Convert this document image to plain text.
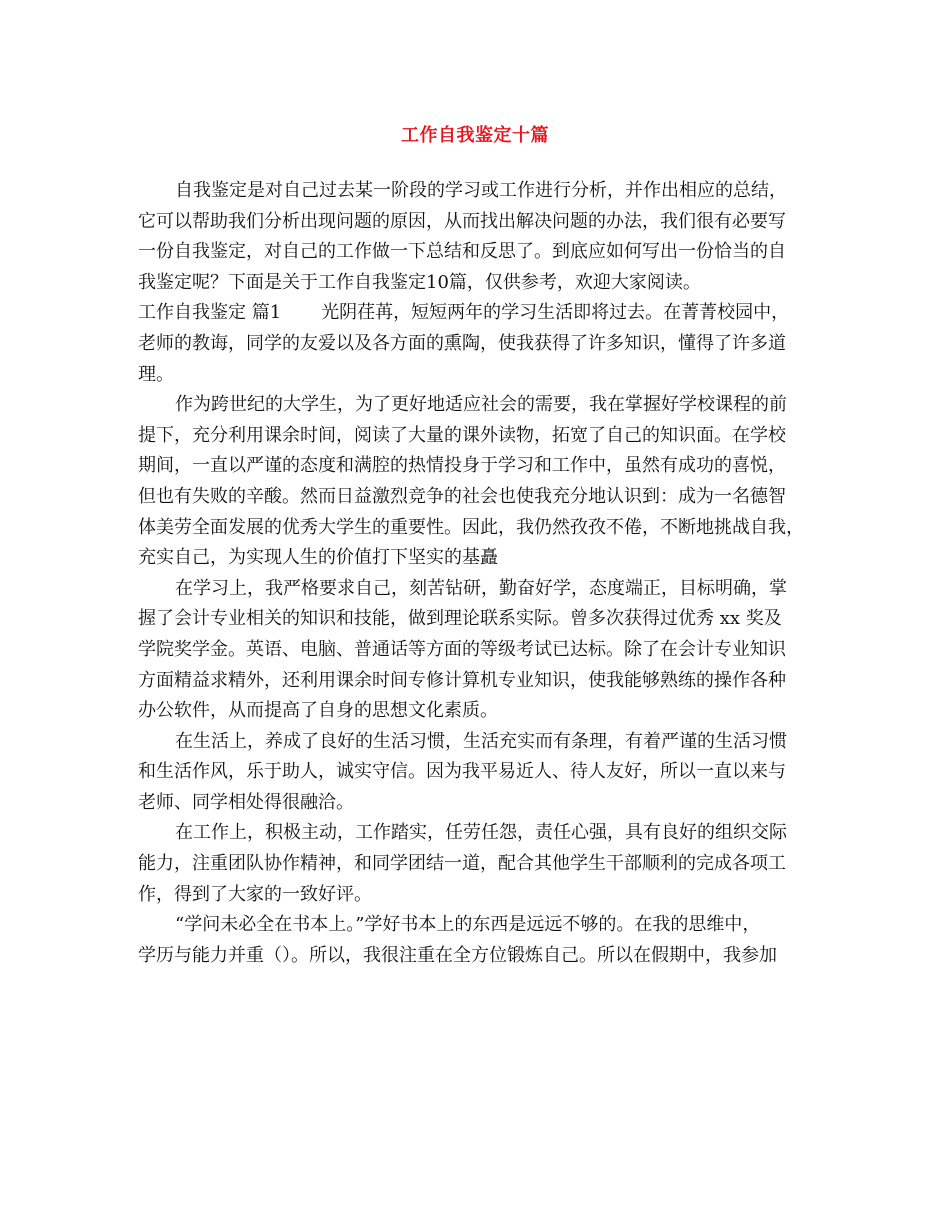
工作自我鉴定十篇
自我鉴定是对自己过去某一阶段的学习或工作进行分析，并作出相应的总结，
它可以帮助我们分析出现问题的原因，从而找出解决问题的办法，我们很有必要写
一份自我鉴定，对自己的工作做一下总结和反思了。到底应如何写出一份恰当的自
我鉴定呢？下面是关于工作自我鉴定10篇，仅供参考，欢迎大家阅读。
工作自我鉴定 篇1 光阴荏苒，短短两年的学习生活即将过去。在菁菁校园中，
老师的教诲，同学的友爱以及各方面的熏陶，使我获得了许多知识，懂得了许多道
理。
作为跨世纪的大学生，为了更好地适应社会的需要，我在掌握好学校课程的前
提下，充分利用课余时间，阅读了大量的课外读物，拓宽了自己的知识面。在学校
期间，一直以严谨的态度和满腔的热情投身于学习和工作中，虽然有成功的喜悦，
但也有失败的辛酸。然而日益激烈竞争的社会也使我充分地认识到：成为一名德智
体美劳全面发展的优秀大学生的重要性。因此，我仍然孜孜不倦，不断地挑战自我，
充实自己，为实现人生的价值打下坚实的基矗
在学习上，我严格要求自己，刻苦钻研，勤奋好学，态度端正，目标明确，掌
握了会计专业相关的知识和技能，做到理论联系实际。曾多次获得过优秀 xx 奖及
学院奖学金。英语、电脑、普通话等方面的等级考试已达标。除了在会计专业知识
方面精益求精外，还利用课余时间专修计算机专业知识，使我能够熟练的操作各种
办公软件，从而提高了自身的思想文化素质。
在生活上，养成了良好的生活习惯，生活充实而有条理，有着严谨的生活习惯
和生活作风，乐于助人，诚实守信。因为我平易近人、待人友好，所以一直以来与
老师、同学相处得很融洽。
在工作上，积极主动，工作踏实，任劳任怨，责任心强，具有良好的组织交际
能力，注重团队协作精神，和同学团结一道，配合其他学生干部顺利的完成各项工
作，得到了大家的一致好评。
“学问未必全在书本上。”学好书本上的东西是远远不够的。在我的思维中，
学历与能力并重（）。所以，我很注重在全方位锻炼自己。所以在假期中，我参加
